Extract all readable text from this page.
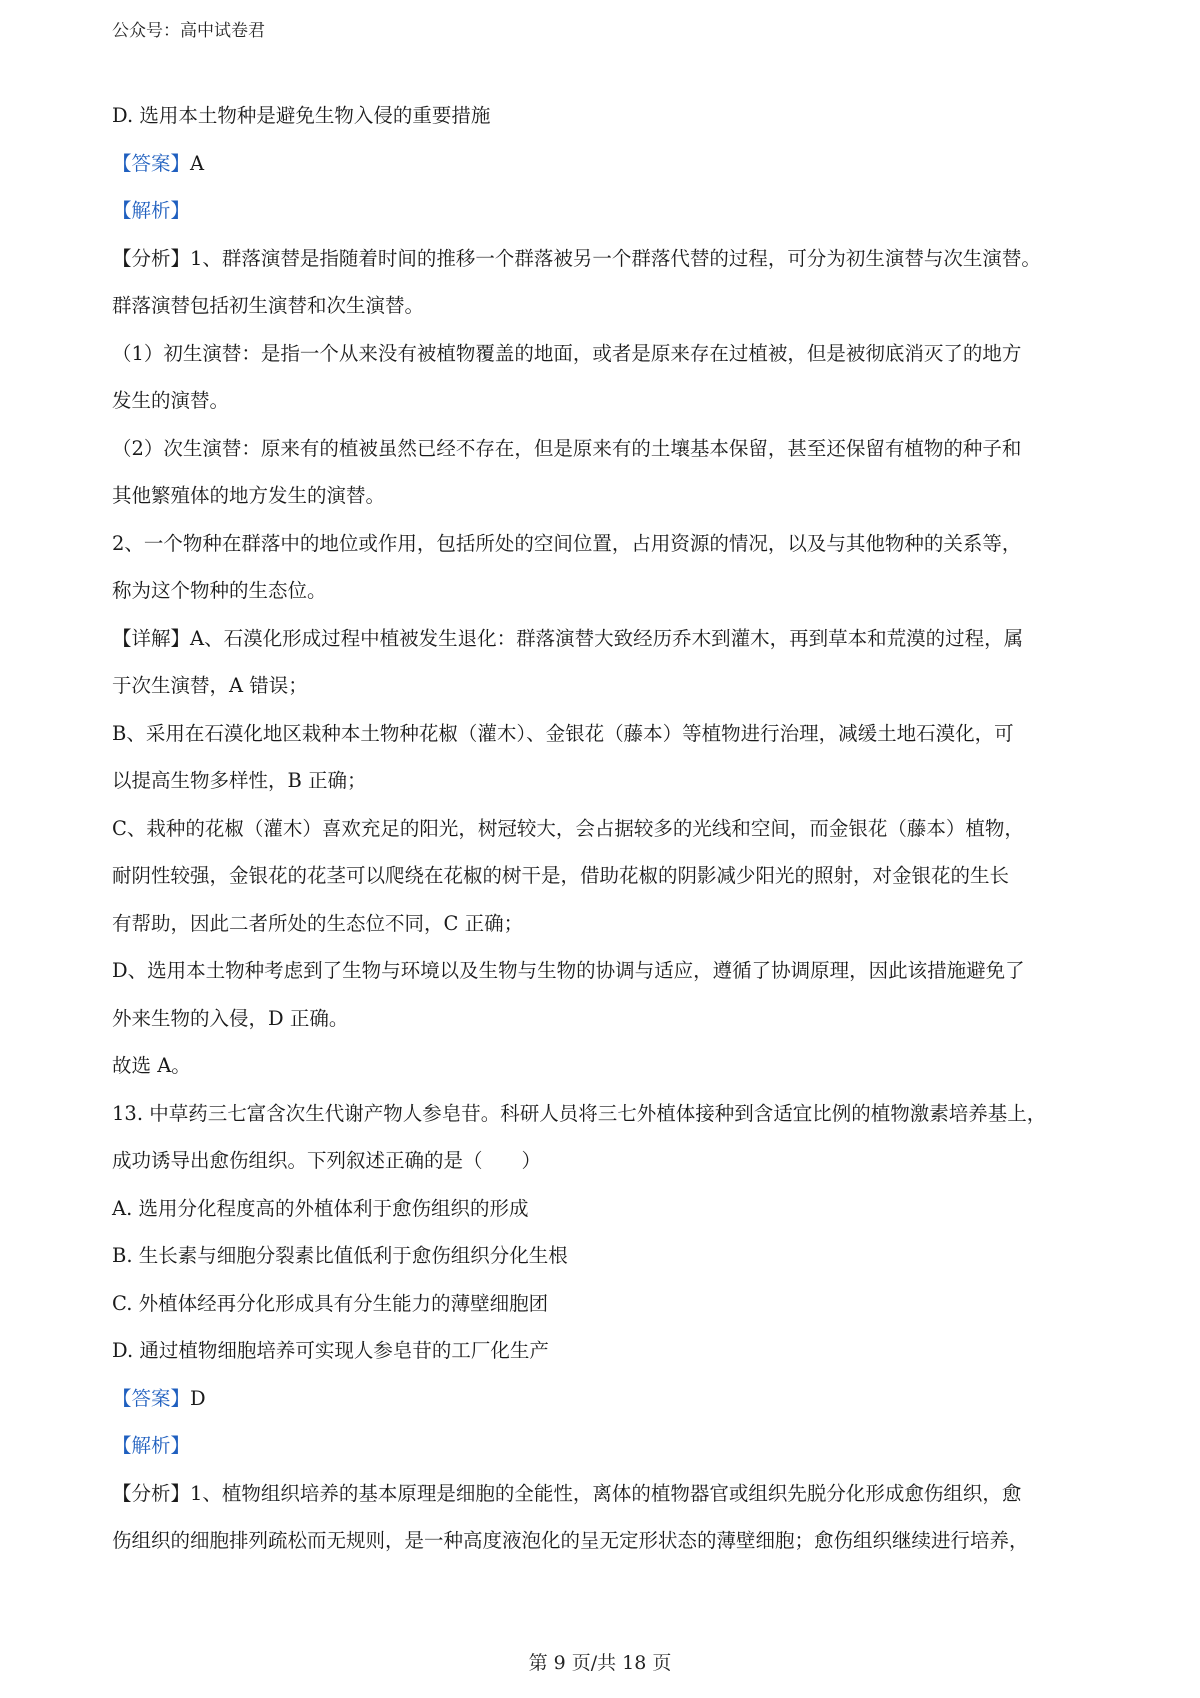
公众号：高中试卷君
D. 选用本土物种是避免生物入侵的重要措施
【答案】A
【解析】
【分析】1、群落演替是指随着时间的推移一个群落被另一个群落代替的过程，可分为初生演替与次生演替。
群落演替包括初生演替和次生演替。
（1）初生演替：是指一个从来没有被植物覆盖的地面，或者是原来存在过植被，但是被彻底消灭了的地方
发生的演替。
（2）次生演替：原来有的植被虽然已经不存在，但是原来有的土壤基本保留，甚至还保留有植物的种子和
其他繁殖体的地方发生的演替。
2、一个物种在群落中的地位或作用，包括所处的空间位置，占用资源的情况，以及与其他物种的关系等，
称为这个物种的生态位。
【详解】A、石漠化形成过程中植被发生退化：群落演替大致经历乔木到灌木，再到草本和荒漠的过程，属
于次生演替，A 错误；
B、采用在石漠化地区栽种本土物种花椒（灌木）、金银花（藤本）等植物进行治理，减缓土地石漠化，可
以提高生物多样性，B 正确；
C、栽种的花椒（灌木）喜欢充足的阳光，树冠较大，会占据较多的光线和空间，而金银花（藤本）植物，
耐阴性较强，金银花的花茎可以爬绕在花椒的树干是，借助花椒的阴影减少阳光的照射，对金银花的生长
有帮助，因此二者所处的生态位不同，C 正确；
D、选用本土物种考虑到了生物与环境以及生物与生物的协调与适应，遵循了协调原理，因此该措施避免了
外来生物的入侵，D 正确。
故选 A。
13. 中草药三七富含次生代谢产物人参皂苷。科研人员将三七外植体接种到含适宜比例的植物激素培养基上，
成功诱导出愈伤组织。下列叙述正确的是（　　）
A. 选用分化程度高的外植体利于愈伤组织的形成
B. 生长素与细胞分裂素比值低利于愈伤组织分化生根
C. 外植体经再分化形成具有分生能力的薄壁细胞团
D. 通过植物细胞培养可实现人参皂苷的工厂化生产
【答案】D
【解析】
【分析】1、植物组织培养的基本原理是细胞的全能性，离体的植物器官或组织先脱分化形成愈伤组织，愈
伤组织的细胞排列疏松而无规则，是一种高度液泡化的呈无定形状态的薄壁细胞；愈伤组织继续进行培养，
第 9 页/共 18 页
